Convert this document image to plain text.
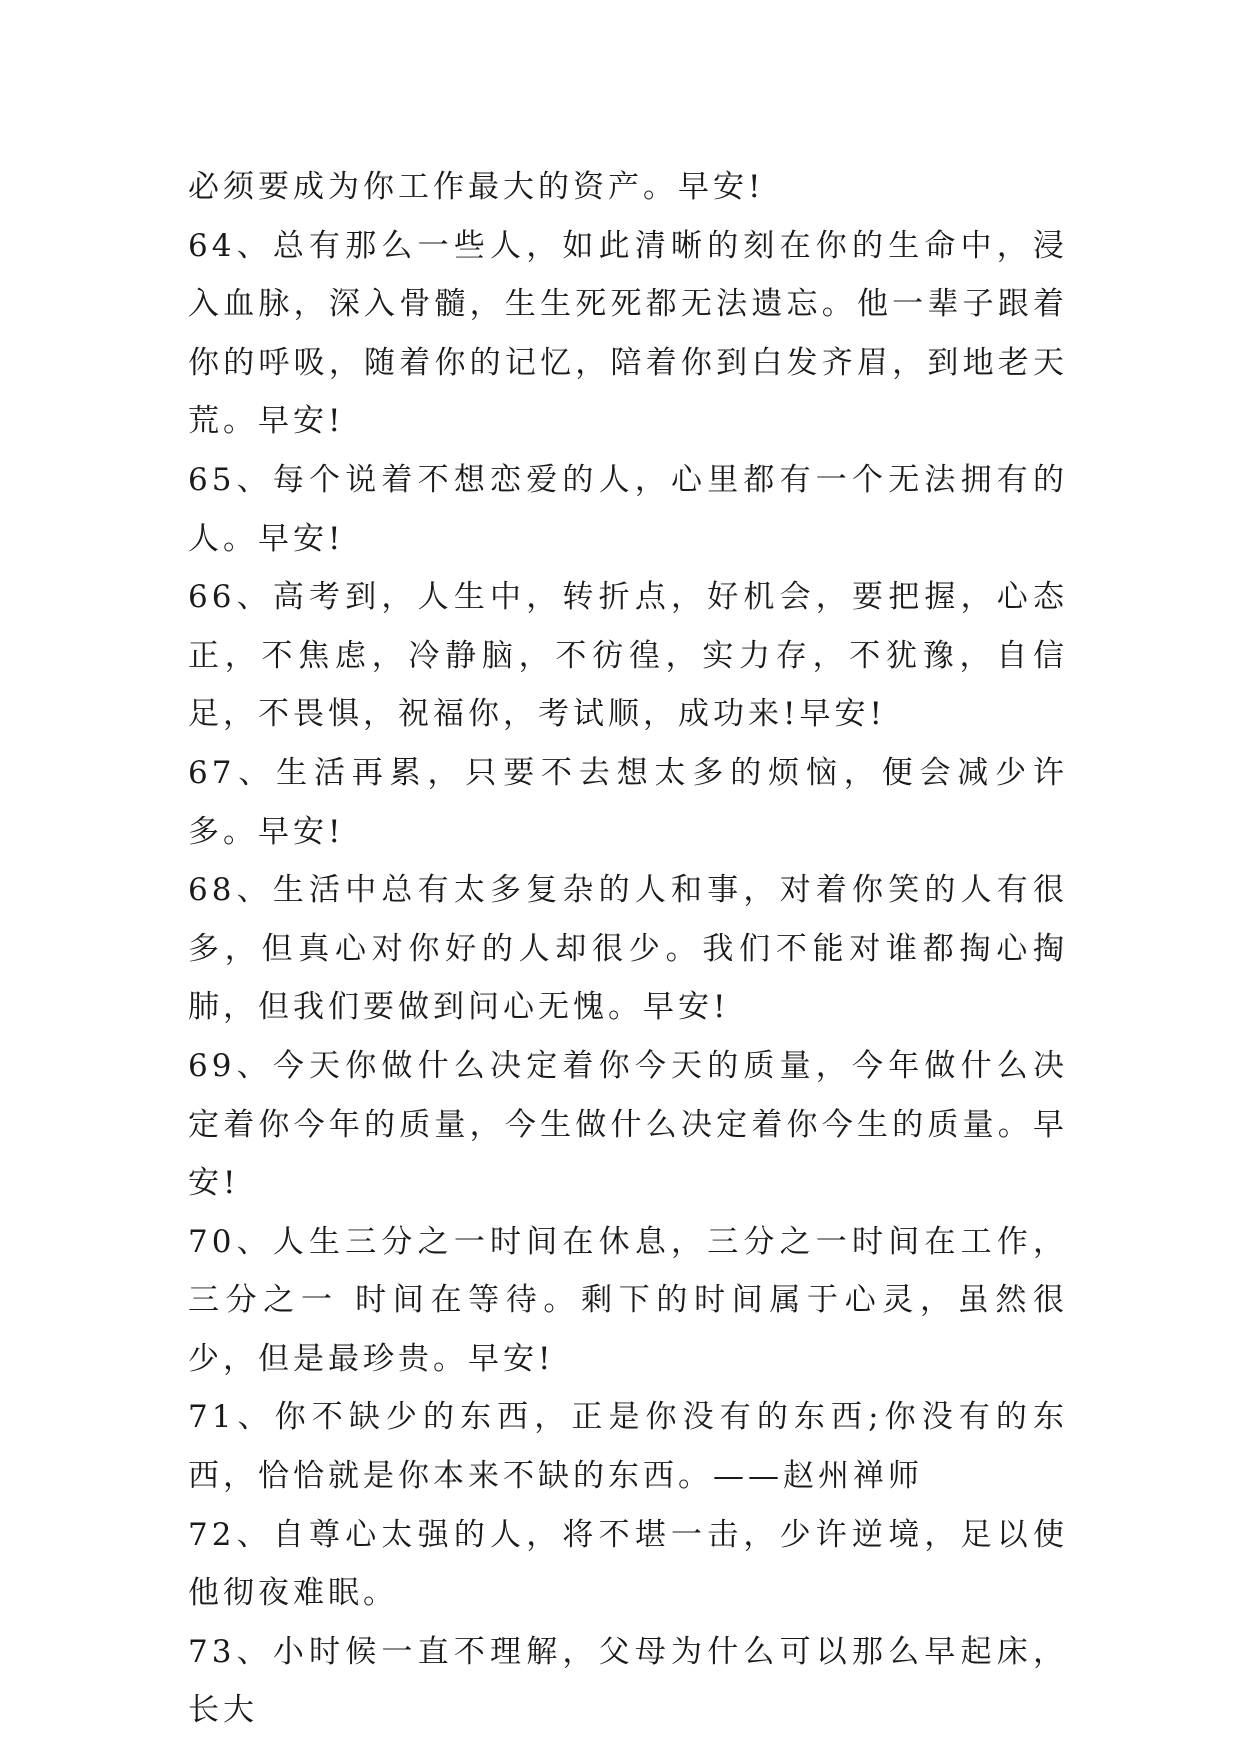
必须要成为你工作最大的资产。早安!

64、总有那么一些人，如此清晰的刻在你的生命中，浸入血脉，深入骨髓，生生死死都无法遗忘。他一辈子跟着你的呼吸，随着你的记忆，陪着你到白发齐眉，到地老天荒。早安!

65、每个说着不想恋爱的人，心里都有一个无法拥有的人。早安!

66、高考到，人生中，转折点，好机会，要把握，心态正，不焦虑，冷静脑，不彷徨，实力存，不犹豫，自信足，不畏惧，祝福你，考试顺，成功来!早安!

67、生活再累，只要不去想太多的烦恼，便会减少许多。早安!

68、生活中总有太多复杂的人和事，对着你笑的人有很多，但真心对你好的人却很少。我们不能对谁都掏心掏肺，但我们要做到问心无愧。早安!

69、今天你做什么决定着你今天的质量，今年做什么决定着你今年的质量，今生做什么决定着你今生的质量。早安!

70、人生三分之一时间在休息，三分之一时间在工作，三分之一 时间在等待。剩下的时间属于心灵，虽然很少，但是最珍贵。早安!

71、你不缺少的东西，正是你没有的东西;你没有的东西，恰恰就是你本来不缺的东西。——赵州禅师

72、自尊心太强的人，将不堪一击，少许逆境，足以使他彻夜难眠。

73、小时候一直不理解，父母为什么可以那么早起床，长大
